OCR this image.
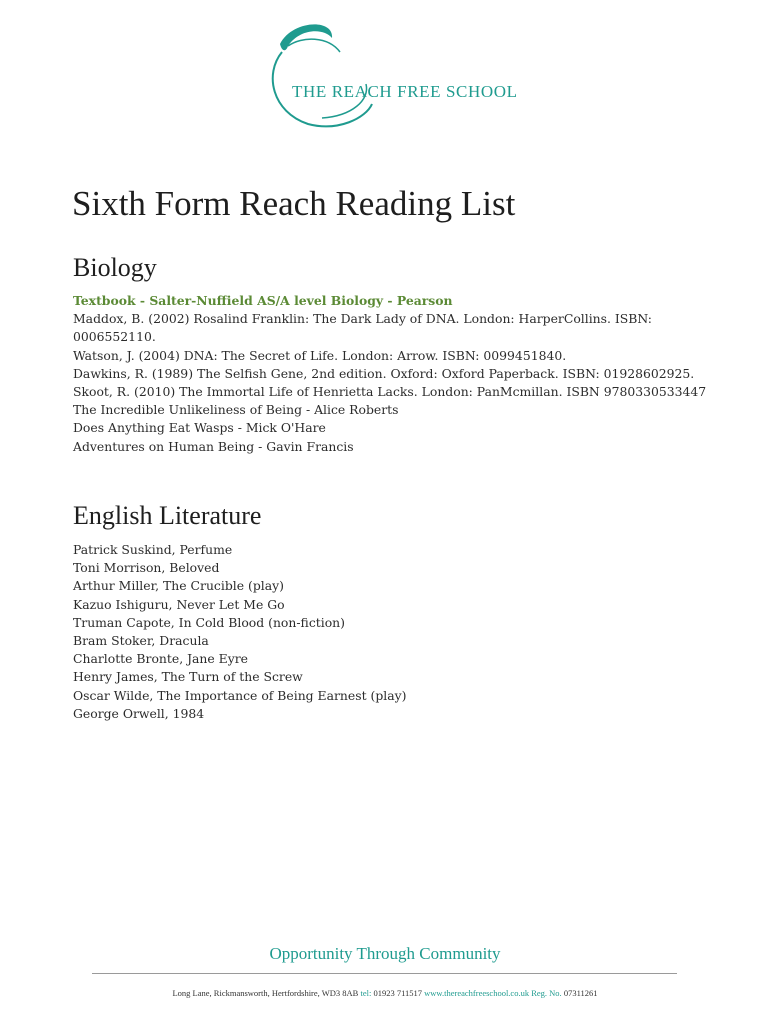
THE REACH FREE SCHOOL
Sixth Form Reach Reading List
Biology
Textbook - Salter-Nuffield AS/A level Biology - Pearson
Maddox, B. (2002) Rosalind Franklin: The Dark Lady of DNA. London: HarperCollins. ISBN:
0006552110.
Watson, J. (2004) DNA: The Secret of Life. London: Arrow. ISBN: 0099451840.
Dawkins, R. (1989) The Selfish Gene, 2nd edition. Oxford: Oxford Paperback. ISBN: 01928602925.
Skoot, R. (2010) The Immortal Life of Henrietta Lacks. London: PanMcmillan. ISBN 9780330533447
The Incredible Unlikeliness of Being - Alice Roberts
Does Anything Eat Wasps - Mick O'Hare
Adventures on Human Being - Gavin Francis
English Literature
Patrick Suskind, Perfume
Toni Morrison, Beloved
Arthur Miller, The Crucible (play)
Kazuo Ishiguru, Never Let Me Go
Truman Capote, In Cold Blood (non-fiction)
Bram Stoker, Dracula
Charlotte Bronte, Jane Eyre
Henry James, The Turn of the Screw
Oscar Wilde, The Importance of Being Earnest (play)
George Orwell, 1984
Opportunity Through Community
Long Lane, Rickmansworth, Hertfordshire, WD3 8AB tel: 01923 711517 www.thereachfreeschool.co.uk Reg. No. 07311261
